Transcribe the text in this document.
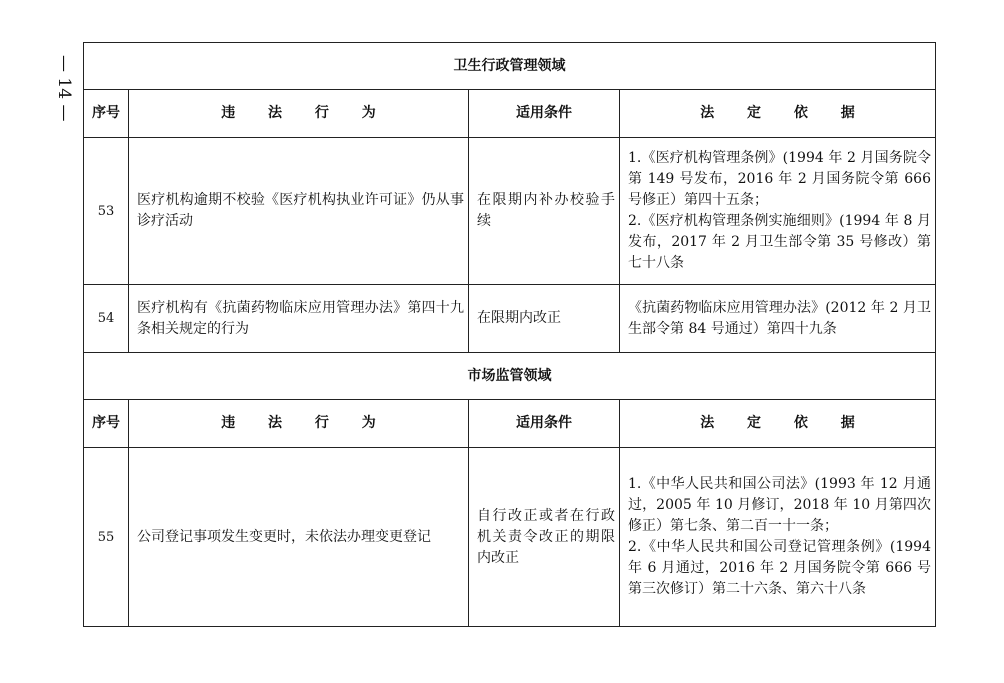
— 14 —	卫生行政管理领域			
序号	违 法 行 为	适用条件	法 定 依 据
53	医疗机构逾期不校验《医疗机构执业许可证》仍从事诊疗活动	在限期内补办校验手续	1.《医疗机构管理条例》(1994 年 2 月国务院令第 149 号发布，2016 年 2 月国务院令第 666 号修正）第四十五条；

2.《医疗机构管理条例实施细则》(1994 年 8 月发布，2017 年 2 月卫生部令第 35 号修改）第七十八条

54	医疗机构有《抗菌药物临床应用管理办法》第四十九条相关规定的行为	在限期内改正	《抗菌药物临床应用管理办法》(2012 年 2 月卫生部令第 84 号通过）第四十九条

市场监管领域			
序号	违 法 行 为	适用条件	法 定 依 据
55	公司登记事项发生变更时，未依法办理变更登记	自行改正或者在行政机关责令改正的期限内改正	1.《中华人民共和国公司法》(1993 年 12 月通过，2005 年 10 月修订，2018 年 10 月第四次修正）第七条、第二百一十一条；

2.《中华人民共和国公司登记管理条例》(1994 年 6 月通过，2016 年 2 月国务院令第 666 号第三次修订）第二十六条、第六十八条
